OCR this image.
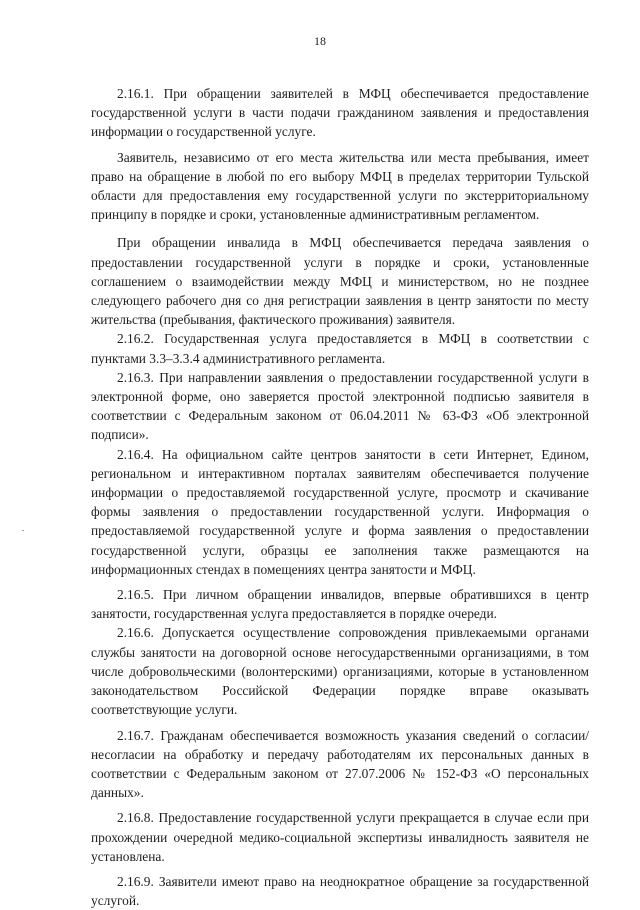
18

2.16.1. При обращении заявителей в МФЦ обеспечивается предоставление государственной услуги в части подачи гражданином заявления и предоставления информации о государственной услуге.

Заявитель, независимо от его места жительства или места пребывания, имеет право на обращение в любой по его выбору МФЦ в пределах территории Тульской области для предоставления ему государственной услуги по экстерриториальному принципу в порядке и сроки, установленные административным регламентом.

При обращении инвалида в МФЦ обеспечивается передача заявления о предоставлении государственной услуги в порядке и сроки, установленные соглашением о взаимодействии между МФЦ и министерством, но не позднее следующего рабочего дня со дня регистрации заявления в центр занятости по месту жительства (пребывания, фактического проживания) заявителя.

2.16.2. Государственная услуга предоставляется в МФЦ в соответствии с пунктами 3.3–3.3.4 административного регламента.

2.16.3. При направлении заявления о предоставлении государственной услуги в электронной форме, оно заверяется простой электронной подписью заявителя в соответствии с Федеральным законом от 06.04.2011 № 63-ФЗ «Об электронной подписи».

2.16.4. На официальном сайте центров занятости в сети Интернет, Едином, региональном и интерактивном порталах заявителям обеспечивается получение информации о предоставляемой государственной услуге, просмотр и скачивание формы заявления о предоставлении государственной услуги. Информация о предоставляемой государственной услуге и форма заявления о предоставлении государственной услуги, образцы ее заполнения также размещаются на информационных стендах в помещениях центра занятости и МФЦ.

2.16.5. При личном обращении инвалидов, впервые обратившихся в центр занятости, государственная услуга предоставляется в порядке очереди.

2.16.6. Допускается осуществление сопровождения привлекаемыми органами службы занятости на договорной основе негосударственными организациями, в том числе добровольческими (волонтерскими) организациями, которые в установленном законодательством Российской Федерации порядке вправе оказывать соответствующие услуги.

2.16.7. Гражданам обеспечивается возможность указания сведений о согласии/несогласии на обработку и передачу работодателям их персональных данных в соответствии с Федеральным законом от 27.07.2006 № 152-ФЗ «О персональных данных».

2.16.8. Предоставление государственной услуги прекращается в случае если при прохождении очередной медико-социальной экспертизы инвалидность заявителя не установлена.

2.16.9. Заявители имеют право на неоднократное обращение за государственной услугой.
